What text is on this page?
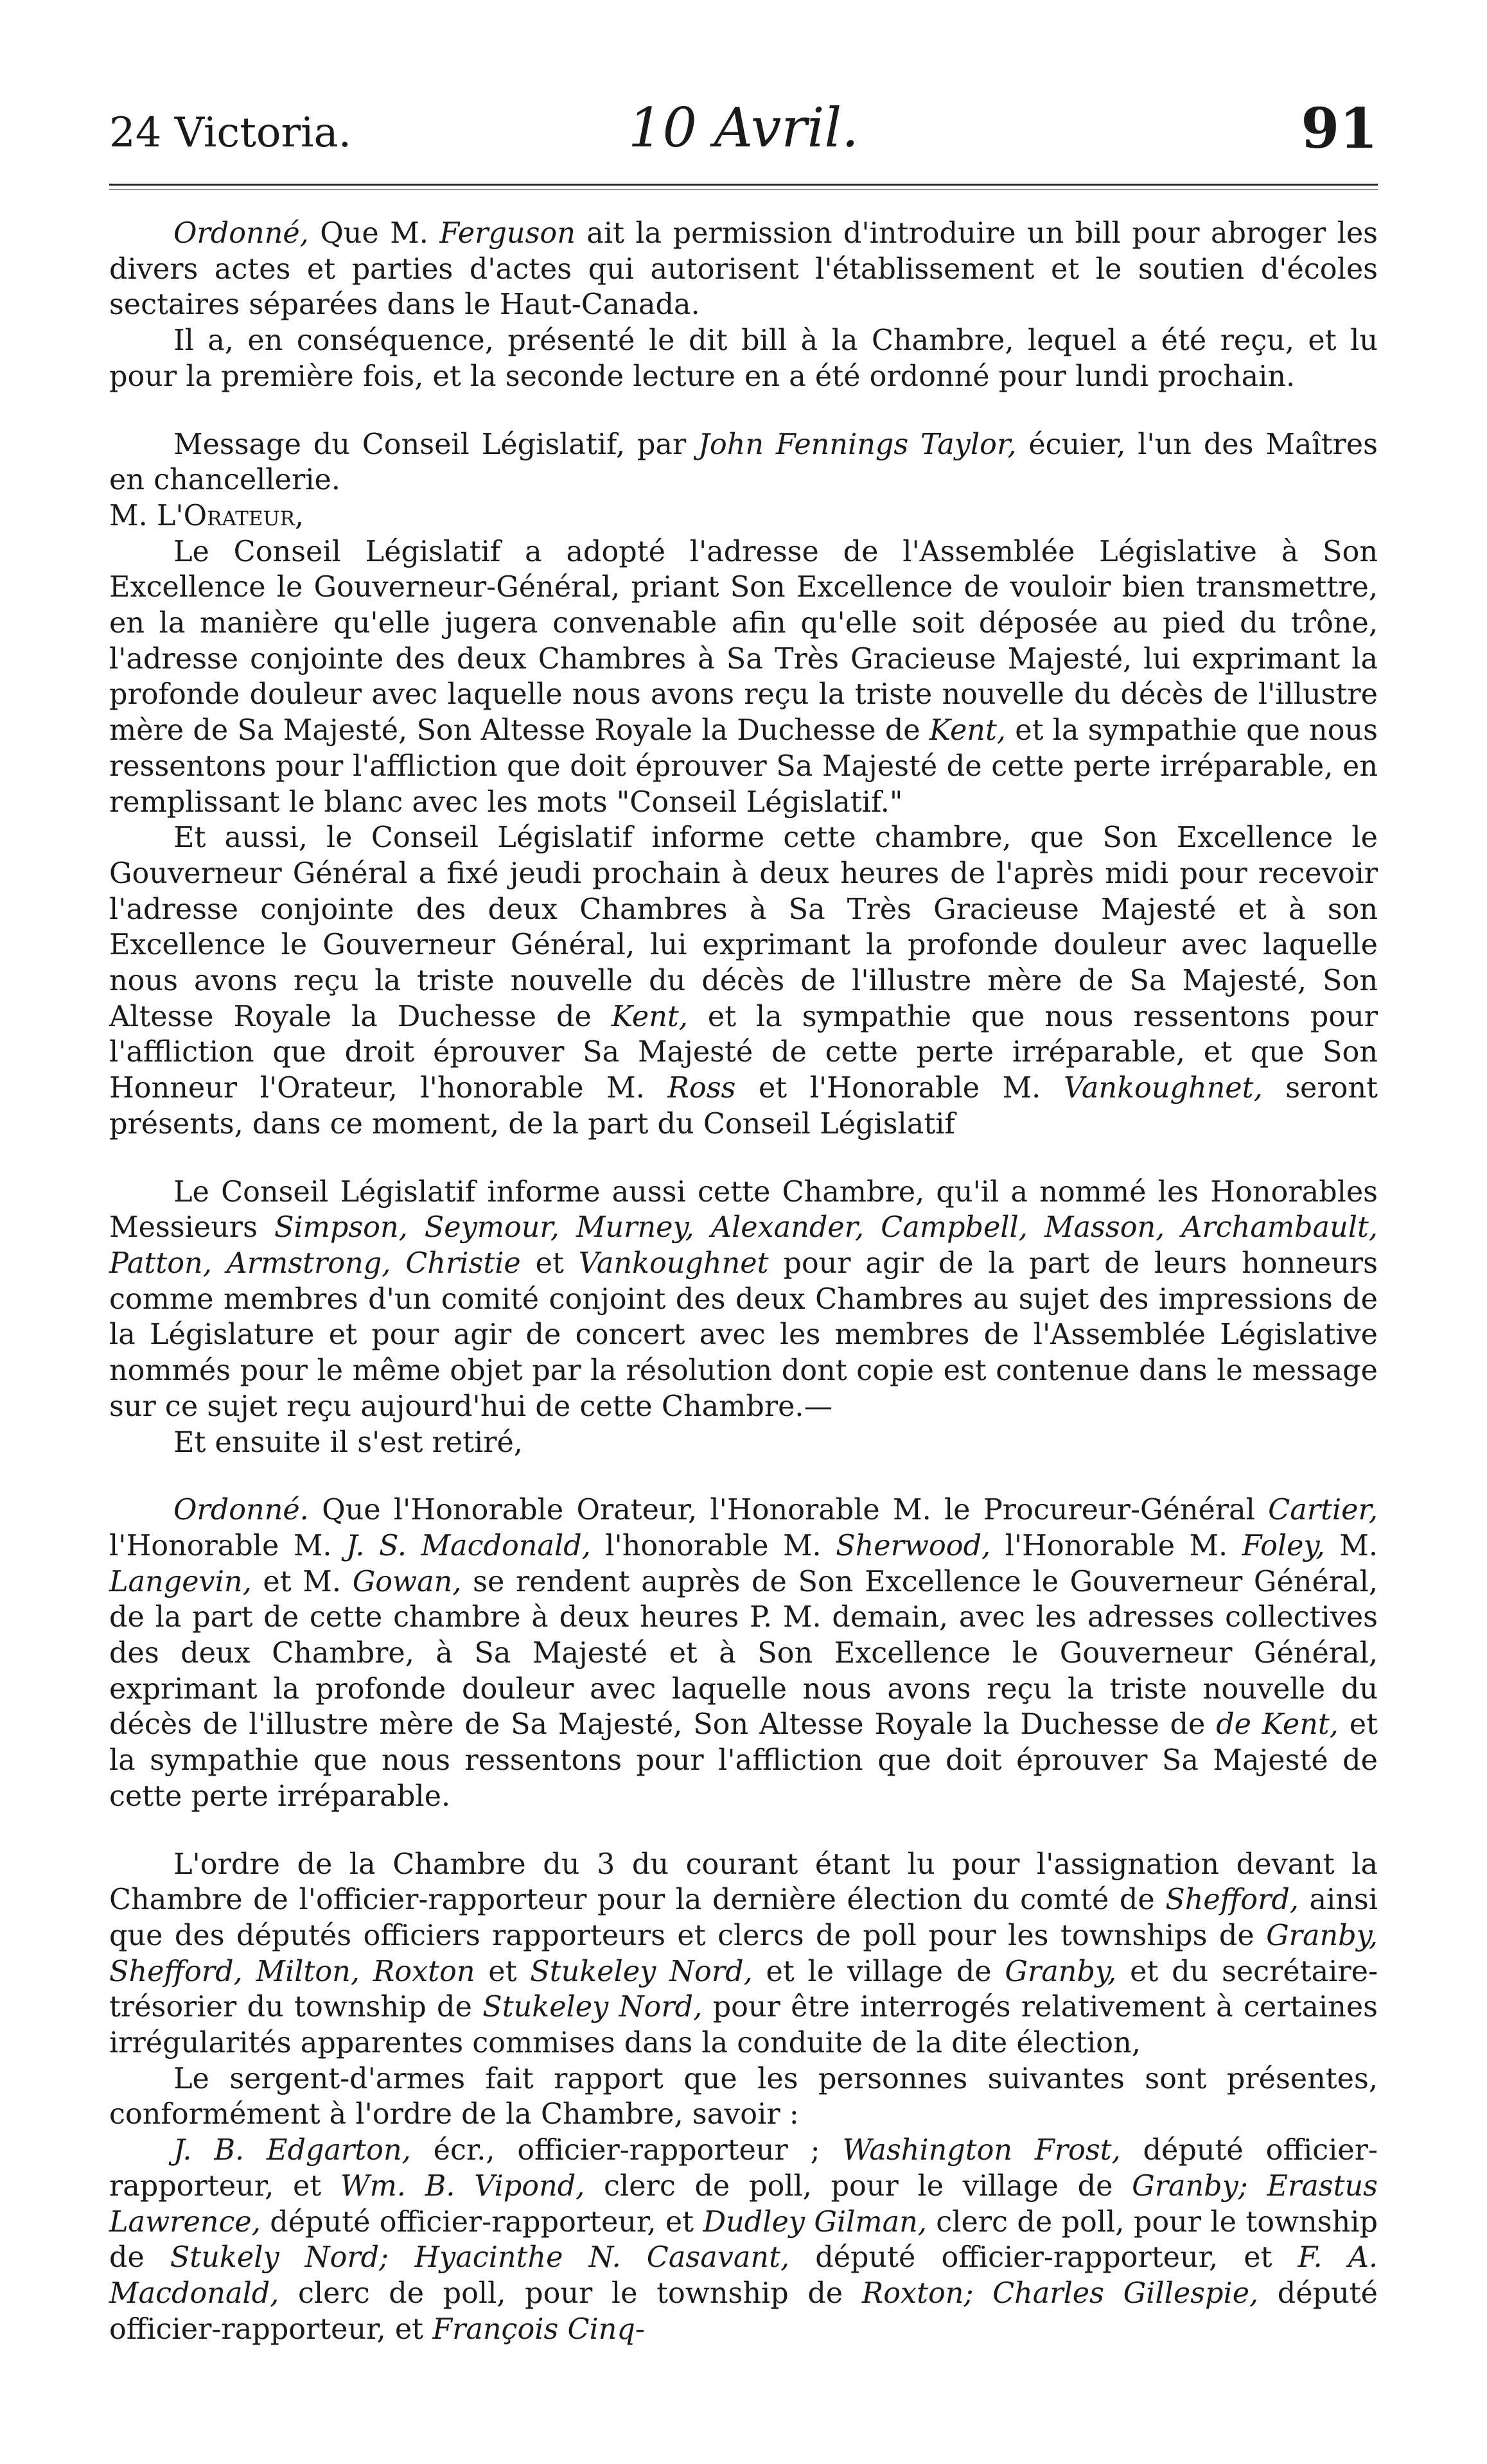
24 Victoria.	10 Avril.	91

Ordonné, Que M. Ferguson ait la permission d'introduire un bill pour abroger les divers actes et parties d'actes qui autorisent l'établissement et le soutien d'écoles sectaires séparées dans le Haut-Canada.

Il a, en conséquence, présenté le dit bill à la Chambre, lequel a été reçu, et lu pour la première fois, et la seconde lecture en a été ordonné pour lundi prochain.

Message du Conseil Législatif, par John Fennings Taylor, écuier, l'un des Maîtres en chancellerie.

M. L'Orateur,

Le Conseil Législatif a adopté l'adresse de l'Assemblée Législative à Son Excellence le Gouverneur-Général, priant Son Excellence de vouloir bien transmettre, en la manière qu'elle jugera convenable afin qu'elle soit déposée au pied du trône, l'adresse conjointe des deux Chambres à Sa Très Gracieuse Majesté, lui exprimant la profonde douleur avec laquelle nous avons reçu la triste nouvelle du décès de l'illustre mère de Sa Majesté, Son Altesse Royale la Duchesse de Kent, et la sympathie que nous ressentons pour l'affliction que doit éprouver Sa Majesté de cette perte irréparable, en remplissant le blanc avec les mots "Conseil Législatif."

Et aussi, le Conseil Législatif informe cette chambre, que Son Excellence le Gouverneur Général a fixé jeudi prochain à deux heures de l'après midi pour recevoir l'adresse conjointe des deux Chambres à Sa Très Gracieuse Majesté et à son Excellence le Gouverneur Général, lui exprimant la profonde douleur avec laquelle nous avons reçu la triste nouvelle du décès de l'illustre mère de Sa Majesté, Son Altesse Royale la Duchesse de Kent, et la sympathie que nous ressentons pour l'affliction que droit éprouver Sa Majesté de cette perte irréparable, et que Son Honneur l'Orateur, l'honorable M. Ross et l'Honorable M. Vankoughnet, seront présents, dans ce moment, de la part du Conseil Législatif

Le Conseil Législatif informe aussi cette Chambre, qu'il a nommé les Honorables Messieurs Simpson, Seymour, Murney, Alexander, Campbell, Masson, Archambault, Patton, Armstrong, Christie et Vankoughnet pour agir de la part de leurs honneurs comme membres d'un comité conjoint des deux Chambres au sujet des impressions de la Législature et pour agir de concert avec les membres de l'Assemblée Législative nommés pour le même objet par la résolution dont copie est contenue dans le message sur ce sujet reçu aujourd'hui de cette Chambre.—

Et ensuite il s'est retiré,

Ordonné. Que l'Honorable Orateur, l'Honorable M. le Procureur-Général Cartier, l'Honorable M. J. S. Macdonald, l'honorable M. Sherwood, l'Honorable M. Foley, M. Langevin, et M. Gowan, se rendent auprès de Son Excellence le Gouverneur Général, de la part de cette chambre à deux heures P. M. demain, avec les adresses collectives des deux Chambre, à Sa Majesté et à Son Excellence le Gouverneur Général, exprimant la profonde douleur avec laquelle nous avons reçu la triste nouvelle du décès de l'illustre mère de Sa Majesté, Son Altesse Royale la Duchesse de de Kent, et la sympathie que nous ressentons pour l'affliction que doit éprouver Sa Majesté de cette perte irréparable.

L'ordre de la Chambre du 3 du courant étant lu pour l'assignation devant la Chambre de l'officier-rapporteur pour la dernière élection du comté de Shefford, ainsi que des députés officiers rapporteurs et clercs de poll pour les townships de Granby, Shefford, Milton, Roxton et Stukeley Nord, et le village de Granby, et du secrétaire-trésorier du township de Stukeley Nord, pour être interrogés relativement à certaines irrégularités apparentes commises dans la conduite de la dite élection,

Le sergent-d'armes fait rapport que les personnes suivantes sont présentes, conformément à l'ordre de la Chambre, savoir :

J. B. Edgarton, écr., officier-rapporteur ; Washington Frost, député officier-rapporteur, et Wm. B. Vipond, clerc de poll, pour le village de Granby; Erastus Lawrence, député officier-rapporteur, et Dudley Gilman, clerc de poll, pour le township de Stukely Nord; Hyacinthe N. Casavant, député officier-rapporteur, et F. A. Macdonald, clerc de poll, pour le township de Roxton; Charles Gillespie, député officier-rapporteur, et François Cinq-
